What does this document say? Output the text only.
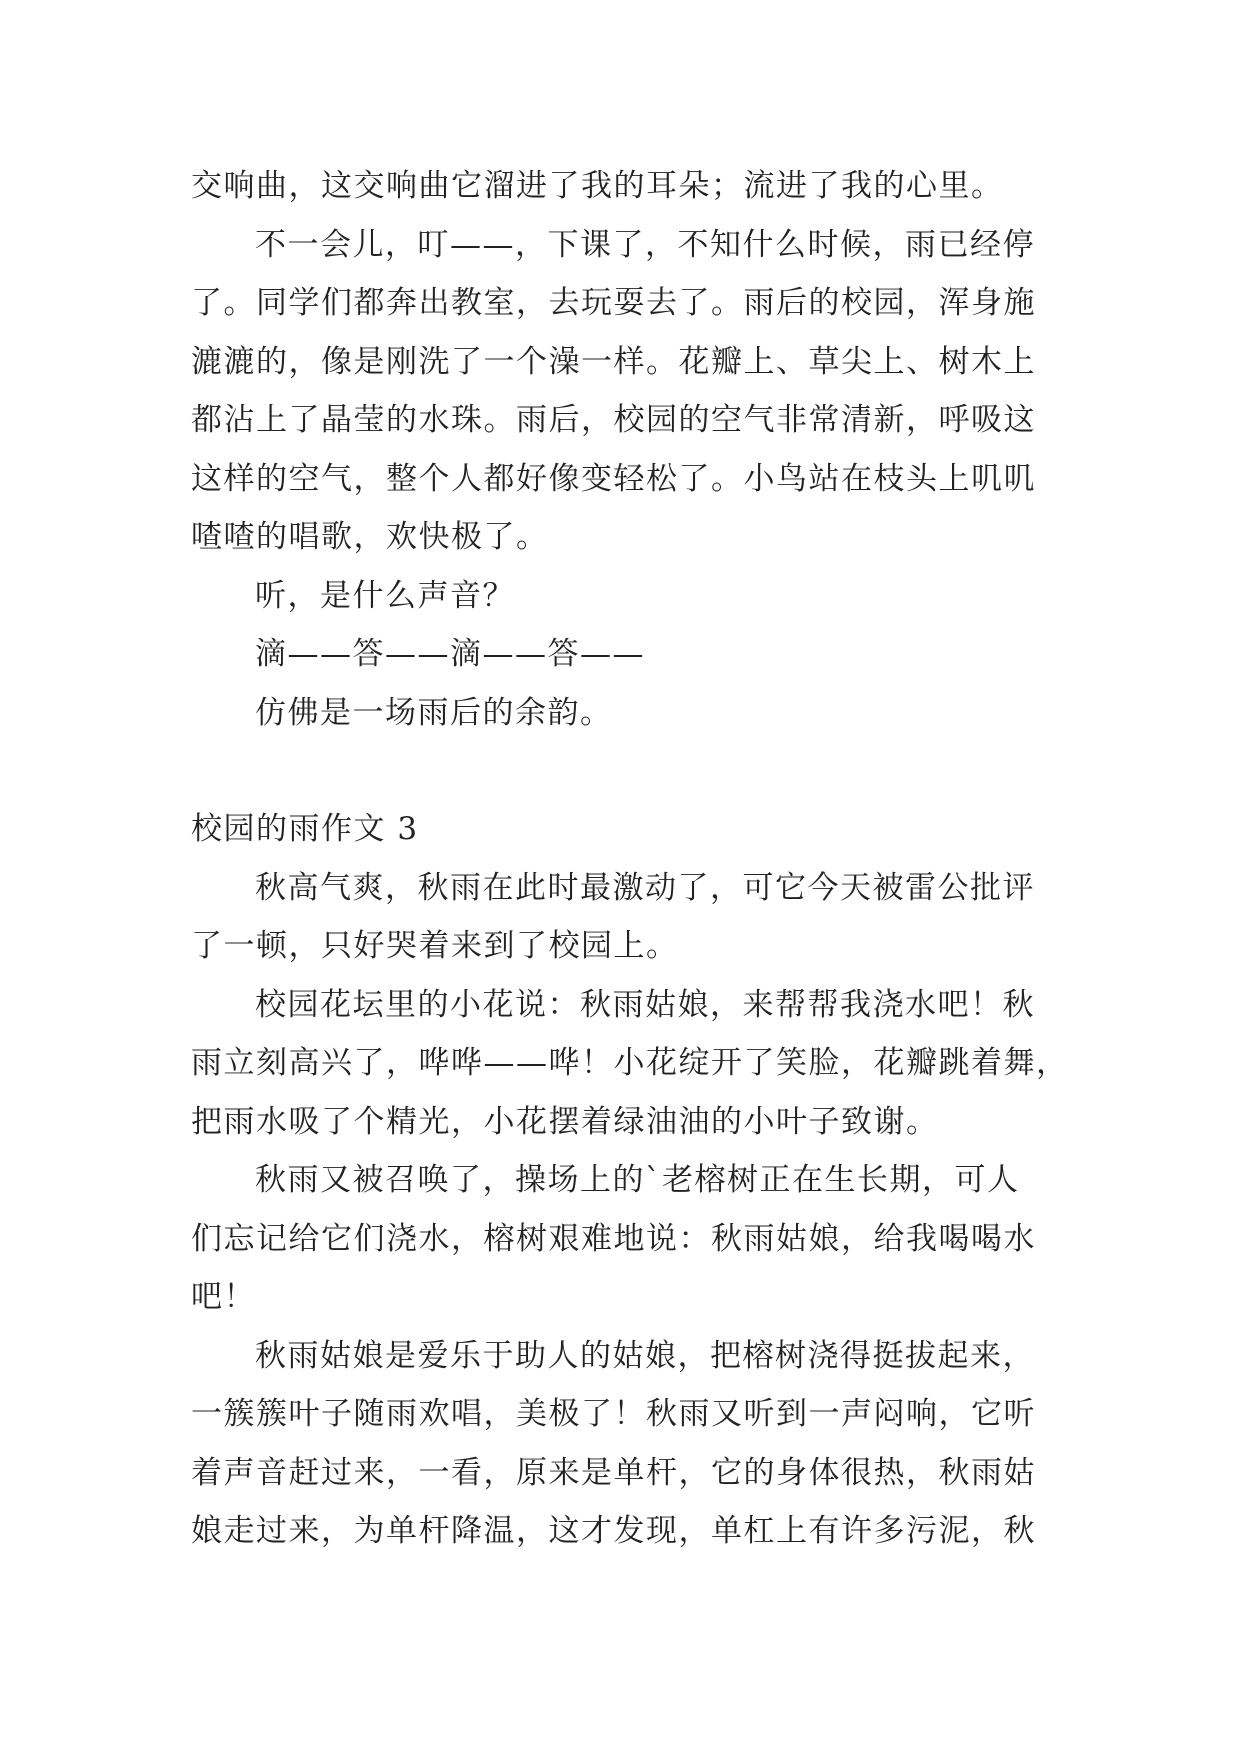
交响曲，这交响曲它溜进了我的耳朵；流进了我的心里。
不一会儿，叮——，下课了，不知什么时候，雨已经停
了。同学们都奔出教室，去玩耍去了。雨后的校园，浑身施
漉漉的，像是刚洗了一个澡一样。花瓣上、草尖上、树木上
都沾上了晶莹的水珠。雨后，校园的空气非常清新，呼吸这
这样的空气，整个人都好像变轻松了。小鸟站在枝头上叽叽
喳喳的唱歌，欢快极了。
听，是什么声音？
滴——答——滴——答——
仿佛是一场雨后的余韵。
校园的雨作文 3
秋高气爽，秋雨在此时最激动了，可它今天被雷公批评
了一顿，只好哭着来到了校园上。
校园花坛里的小花说：秋雨姑娘，来帮帮我浇水吧！秋
雨立刻高兴了，哗哗——哗！小花绽开了笑脸，花瓣跳着舞，
把雨水吸了个精光，小花摆着绿油油的小叶子致谢。
秋雨又被召唤了，操场上的`老榕树正在生长期，可人
们忘记给它们浇水，榕树艰难地说：秋雨姑娘，给我喝喝水
吧！
秋雨姑娘是爱乐于助人的姑娘，把榕树浇得挺拔起来，
一簇簇叶子随雨欢唱，美极了！秋雨又听到一声闷响，它听
着声音赶过来，一看，原来是单杆，它的身体很热，秋雨姑
娘走过来，为单杆降温，这才发现，单杠上有许多污泥，秋
